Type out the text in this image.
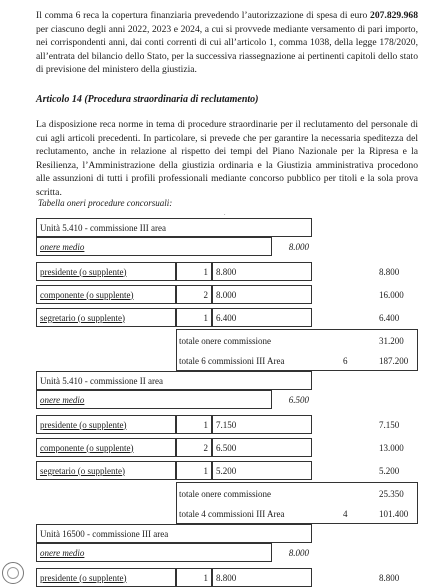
Il comma 6 reca la copertura finanziaria prevedendo l’autorizzazione di spesa di euro 207.829.968 per ciascuno degli anni 2022, 2023 e 2024, a cui si provvede mediante versamento di pari importo, nei corrispondenti anni, dai conti correnti di cui all’articolo 1, comma 1038, della legge 178/2020, all’entrata del bilancio dello Stato, per la successiva riassegnazione ai pertinenti capitoli dello stato di previsione del ministero della giustizia.

Articolo 14 (Procedura straordinaria di reclutamento)

La disposizione reca norme in tema di procedure straordinarie per il reclutamento del personale di cui agli articoli precedenti. In particolare, si prevede che per garantire la necessaria speditezza del reclutamento, anche in relazione al rispetto dei tempi del Piano Nazionale per la Ripresa e la Resilienza, l’Amministrazione della giustizia ordinaria e la Giustizia amministrativa procedono alle assunzioni di tutti i profili professionali mediante concorso pubblico per titoli e la sola prova scritta.

Tabella oneri procedure concorsuali:
.
Unità 5.410 - commissione III area
onere medio	8.000
presidente (o supplente)	1 8.800	8.800
componente (o supplente)	2 8.000	16.000
segretario (o supplente)	1 6.400	6.400
totale onere commissione	31.200
totale 6 commissioni III Area	6	187.200
Unità 5.410 - commissione II area
onere medio	6.500
presidente (o supplente)	1 7.150	7.150
componente (o supplente)	2 6.500	13.000
segretario (o supplente)	1 5.200	5.200
totale onere commissione	25.350
totale 4 commissioni III Area	4	101.400
Unità 16500 - commissione III area
onere medio	8.000
presidente (o supplente)	1 8.800	8.800
